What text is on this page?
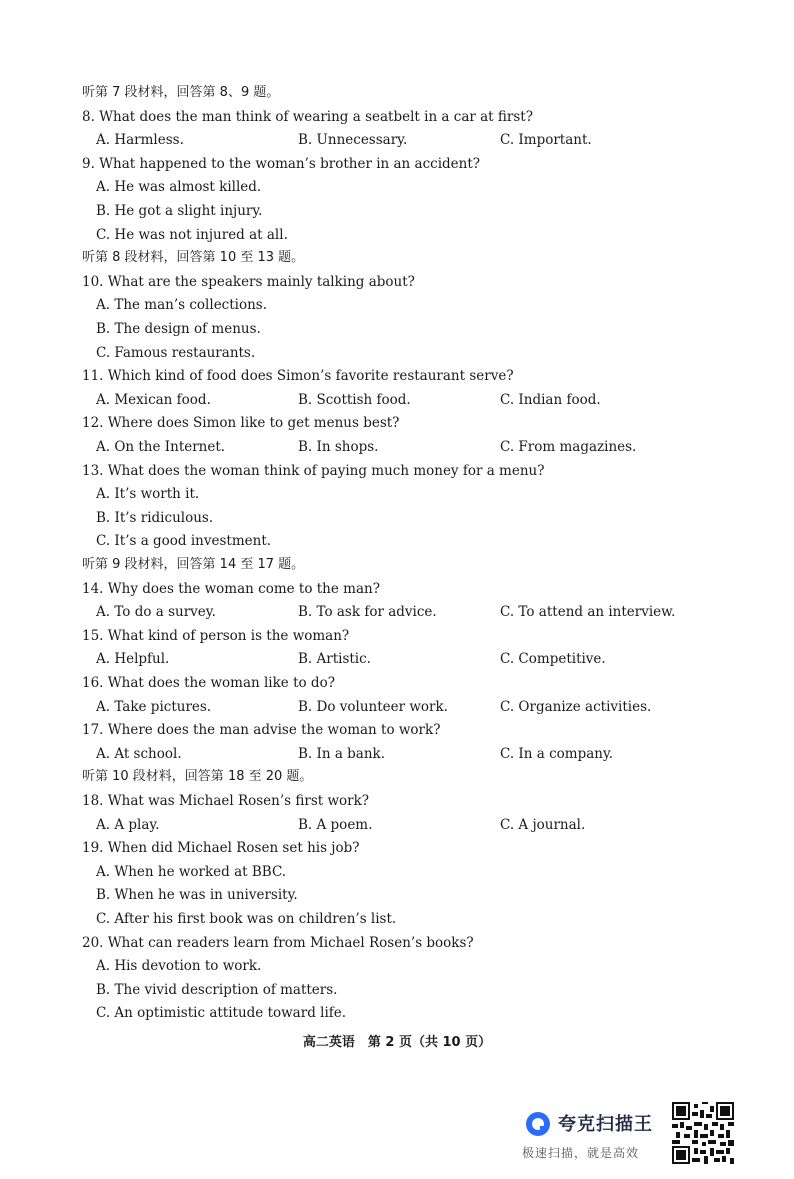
听第 7 段材料，回答第 8、9 题。
8. What does the man think of wearing a seatbelt in a car at first?
A. Harmless.	B. Unnecessary.	C. Important.
9. What happened to the woman’s brother in an accident?
A. He was almost killed.
B. He got a slight injury.
C. He was not injured at all.
听第 8 段材料，回答第 10 至 13 题。
10. What are the speakers mainly talking about?
A. The man’s collections.
B. The design of menus.
C. Famous restaurants.
11. Which kind of food does Simon’s favorite restaurant serve?
A. Mexican food.	B. Scottish food.	C. Indian food.
12. Where does Simon like to get menus best?
A. On the Internet.	B. In shops.	C. From magazines.
13. What does the woman think of paying much money for a menu?
A. It’s worth it.
B. It’s ridiculous.
C. It’s a good investment.
听第 9 段材料，回答第 14 至 17 题。
14. Why does the woman come to the man?
A. To do a survey.	B. To ask for advice.	C. To attend an interview.
15. What kind of person is the woman?
A. Helpful.	B. Artistic.	C. Competitive.
16. What does the woman like to do?
A. Take pictures.	B. Do volunteer work.	C. Organize activities.
17. Where does the man advise the woman to work?
A. At school.	B. In a bank.	C. In a company.
听第 10 段材料，回答第 18 至 20 题。
18. What was Michael Rosen’s first work?
A. A play.	B. A poem.	C. A journal.
19. When did Michael Rosen set his job?
A. When he worked at BBC.
B. When he was in university.
C. After his first book was on children’s list.
20. What can readers learn from Michael Rosen’s books?
A. His devotion to work.
B. The vivid description of matters.
C. An optimistic attitude toward life.
高二英语　第 2 页（共 10 页）
夸克扫描王
极速扫描，就是高效
